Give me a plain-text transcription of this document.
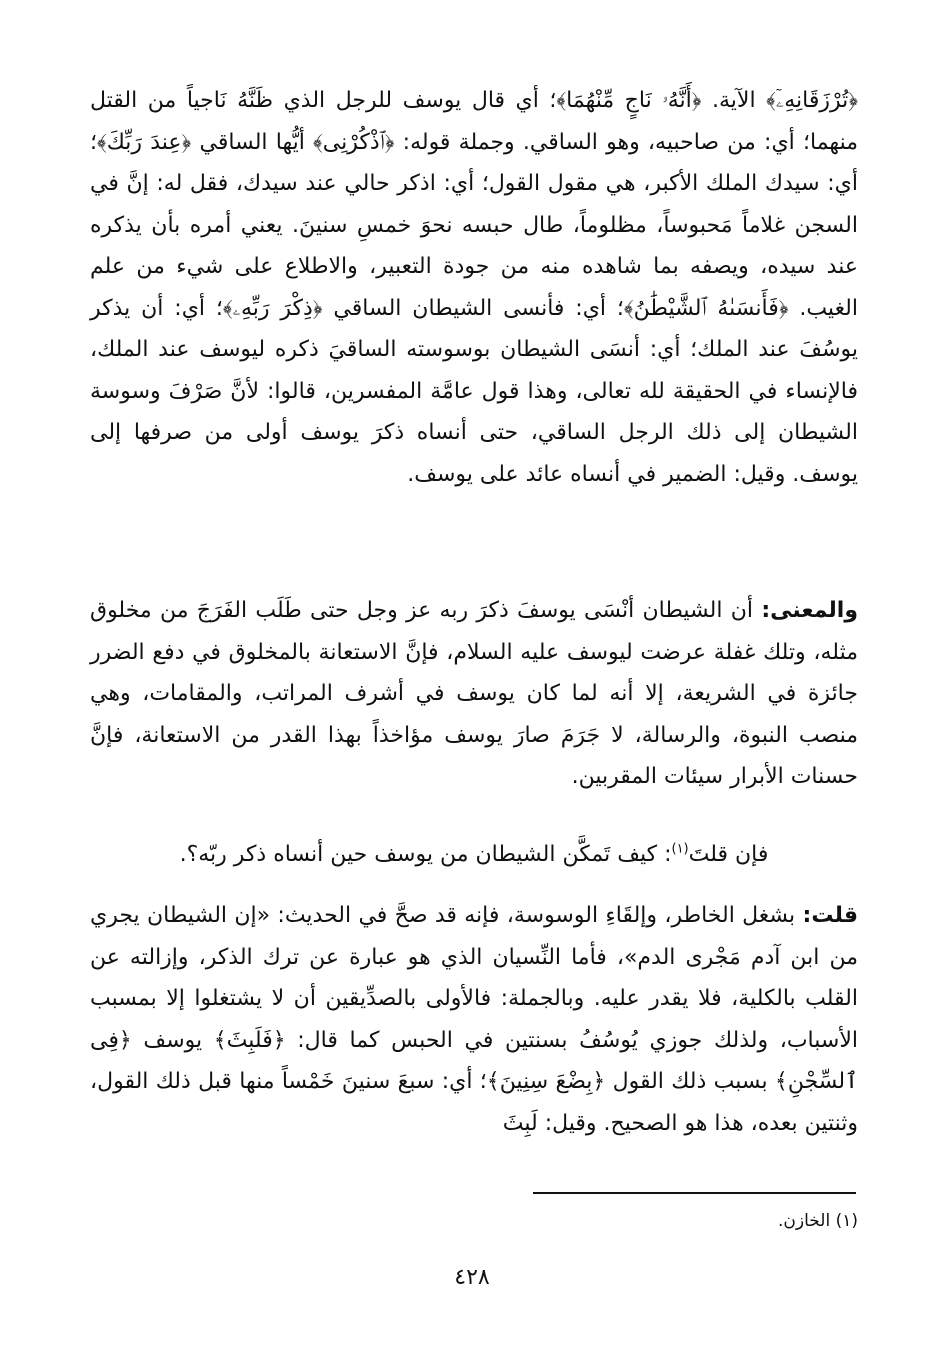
﴿تُرْزَقَانِهِۦٓ﴾ الآية. ﴿أَنَّهُۥ نَاجٍ مِّنْهُمَا﴾؛ أي قال يوسف للرجل الذي ظَنَّهُ نَاجياً من القتل منهما؛ أي: من صاحبيه، وهو الساقي. وجملة قوله: ﴿ٱذْكُرْنِى﴾ أيُّها الساقي ﴿عِندَ رَبِّكَ﴾؛ أي: سيدك الملك الأكبر، هي مقول القول؛ أي: اذكر حالي عند سيدك، فقل له: إنَّ في السجن غلاماً مَحبوساً، مظلوماً، طال حبسه نحوَ خمسِ سنينَ. يعني أمره بأن يذكره عند سيده، ويصفه بما شاهده منه من جودة التعبير، والاطلاع على شيء من علم الغيب. ﴿فَأَنسَىٰهُ ٱلشَّيْطَٰنُ﴾؛ أي: فأنسى الشيطان الساقي ﴿ذِكْرَ رَبِّهِۦ﴾؛ أي: أن يذكر يوسُفَ عند الملك؛ أي: أنسَى الشيطان بوسوسته الساقيَ ذكره ليوسف عند الملك، فالإنساء في الحقيقة لله تعالى، وهذا قول عامَّة المفسرين، قالوا: لأنَّ صَرْفَ وسوسة الشيطان إلى ذلك الرجل الساقي، حتى أنساه ذكرَ يوسف أولى من صرفها إلى يوسف. وقيل: الضمير في أنساه عائد على يوسف.

والمعنى: أن الشيطان أنْسَى يوسفَ ذكرَ ربه عز وجل حتى طَلَب الفَرَجَ من مخلوق مثله، وتلك غفلة عرضت ليوسف عليه السلام، فإنَّ الاستعانة بالمخلوق في دفع الضرر جائزة في الشريعة، إلا أنه لما كان يوسف في أشرف المراتب، والمقامات، وهي منصب النبوة، والرسالة، لا جَرَمَ صارَ يوسف مؤاخذاً بهذا القدر من الاستعانة، فإنَّ حسنات الأبرار سيئات المقربين.

فإن قلتَ$^{(١)}$: كيف تَمكَّن الشيطان من يوسف حين أنساه ذكر ربّه؟.

قلت: بشغل الخاطر، وإلقَاءِ الوسوسة، فإنه قد صحَّ في الحديث: «إن الشيطان يجري من ابن آدم مَجْرى الدم»، فأما النِّسيان الذي هو عبارة عن ترك الذكر، وإزالته عن القلب بالكلية، فلا يقدر عليه. وبالجملة: فالأولى بالصدِّيقين أن لا يشتغلوا إلا بمسبب الأسباب، ولذلك جوزي يُوسُفُ بسنتين في الحبس كما قال: ﴿فَلَبِثَ﴾ يوسف ﴿فِى ٱلسِّجْنِ﴾ بسبب ذلك القول ﴿بِضْعَ سِنِينَ﴾؛ أي: سبعَ سنينَ خَمْساً منها قبل ذلك القول، وثنتين بعده، هذا هو الصحيح. وقيل: لَبِثَ

(١) الخازن.
٤٢٨
